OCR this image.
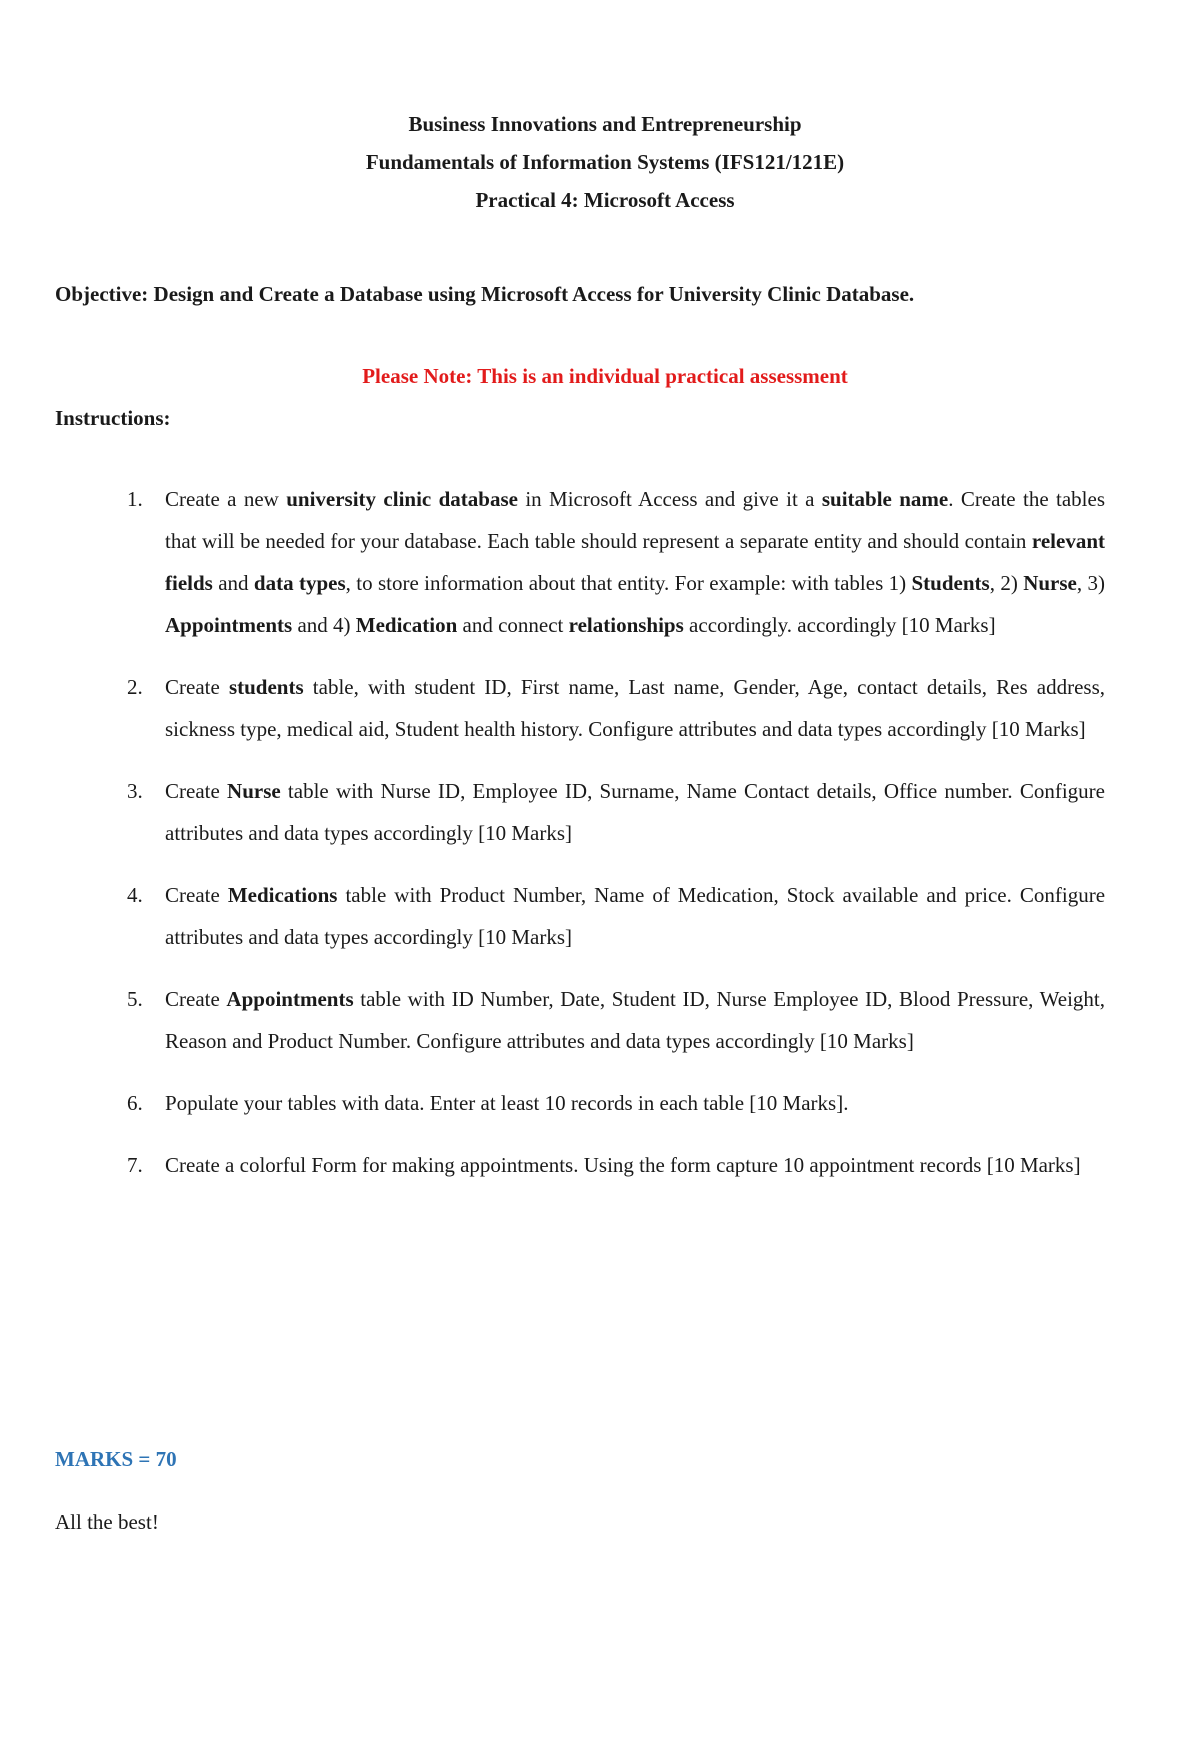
Business Innovations and Entrepreneurship
Fundamentals of Information Systems (IFS121/121E)
Practical 4: Microsoft Access
Objective: Design and Create a Database using Microsoft Access for University Clinic Database.
Please Note: This is an individual practical assessment
Instructions:
1. Create a new university clinic database in Microsoft Access and give it a suitable name. Create the tables that will be needed for your database. Each table should represent a separate entity and should contain relevant fields and data types, to store information about that entity. For example: with tables 1) Students, 2) Nurse, 3) Appointments and 4) Medication and connect relationships accordingly. accordingly [10 Marks]
2. Create students table, with student ID, First name, Last name, Gender, Age, contact details, Res address, sickness type, medical aid, Student health history. Configure attributes and data types accordingly [10 Marks]
3. Create Nurse table with Nurse ID, Employee ID, Surname, Name Contact details, Office number. Configure attributes and data types accordingly [10 Marks]
4. Create Medications table with Product Number, Name of Medication, Stock available and price. Configure attributes and data types accordingly [10 Marks]
5. Create Appointments table with ID Number, Date, Student ID, Nurse Employee ID, Blood Pressure, Weight, Reason and Product Number. Configure attributes and data types accordingly [10 Marks]
6. Populate your tables with data. Enter at least 10 records in each table [10 Marks].
7. Create a colorful Form for making appointments. Using the form capture 10 appointment records [10 Marks]
MARKS = 70
All the best!
